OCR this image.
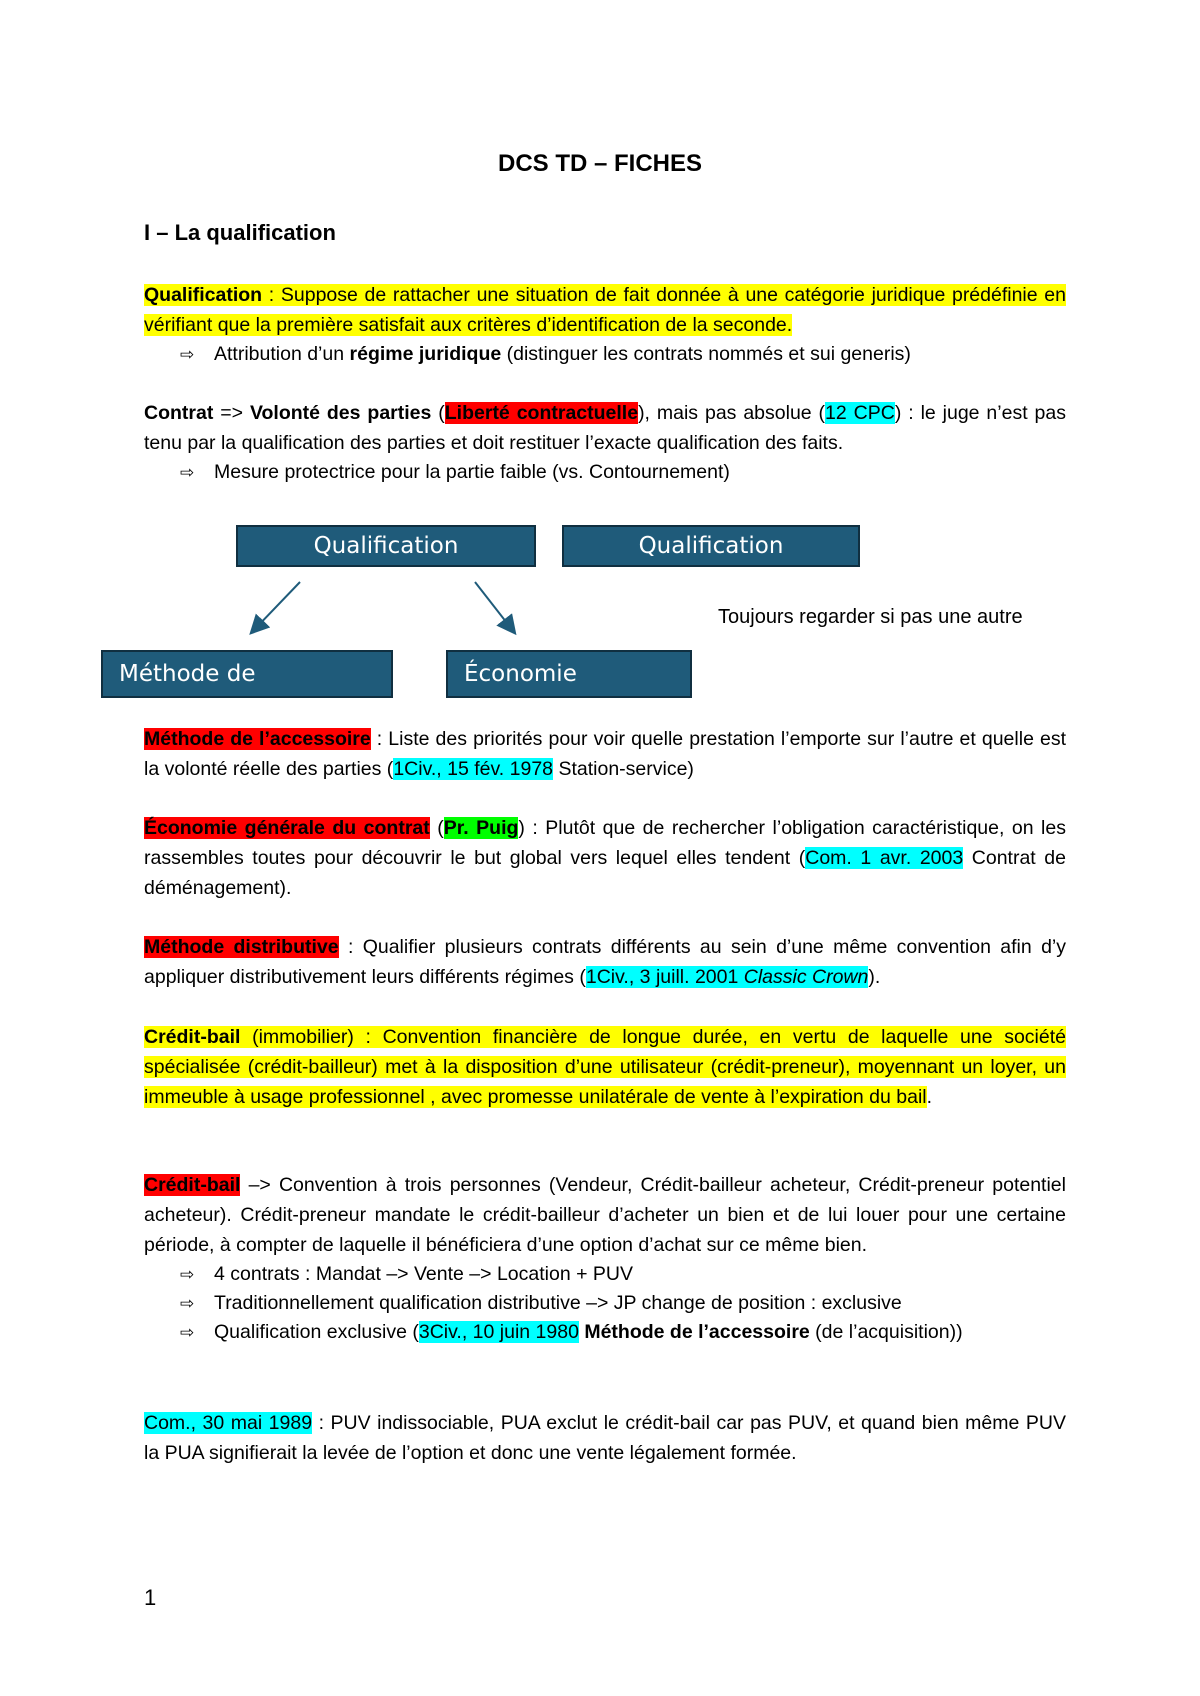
DCS TD – FICHES
I – La qualification

Qualification : Suppose de rattacher une situation de fait donnée à une catégorie juridique prédéfinie en vérifiant que la première satisfait aux critères d’identification de la seconde.

⇨	Attribution d’un régime juridique (distinguer les contrats nommés et sui generis)

Contrat => Volonté des parties (Liberté contractuelle), mais pas absolue (12 CPC) : le juge n’est pas tenu par la qualification des parties et doit restituer l’exacte qualification des faits.

⇨	Mesure protectrice pour la partie faible (vs. Contournement)
Qualification	Qualification
Méthode de	Économie
Toujours regarder si pas une autre

Méthode de l’accessoire : Liste des priorités pour voir quelle prestation l’emporte sur l’autre et quelle est la volonté réelle des parties (1Civ., 15 fév. 1978 Station-service)

Économie générale du contrat (Pr. Puig) : Plutôt que de rechercher l’obligation caractéristique, on les rassembles toutes pour découvrir le but global vers lequel elles tendent (Com. 1 avr. 2003 Contrat de déménagement).

Méthode distributive : Qualifier plusieurs contrats différents au sein d’une même convention afin d’y appliquer distributivement leurs différents régimes (1Civ., 3 juill. 2001 Classic Crown).

Crédit-bail (immobilier) : Convention financière de longue durée, en vertu de laquelle une société spécialisée (crédit-bailleur) met à la disposition d’une utilisateur (crédit-preneur), moyennant un loyer, un immeuble à usage professionnel , avec promesse unilatérale de vente à l’expiration du bail.

Crédit-bail –> Convention à trois personnes (Vendeur, Crédit-bailleur acheteur, Crédit-preneur potentiel acheteur). Crédit-preneur mandate le crédit-bailleur d’acheter un bien et de lui louer pour une certaine période, à compter de laquelle il bénéficiera d’une option d’achat sur ce même bien.

⇨	4 contrats : Mandat –> Vente –> Location + PUV
⇨	Traditionnellement qualification distributive –> JP change de position : exclusive
⇨	Qualification exclusive (3Civ., 10 juin 1980 Méthode de l’accessoire (de l’acquisition))

Com., 30 mai 1989 : PUV indissociable, PUA exclut le crédit-bail car pas PUV, et quand bien même PUV la PUA signifierait la levée de l’option et donc une vente légalement formée.

1
